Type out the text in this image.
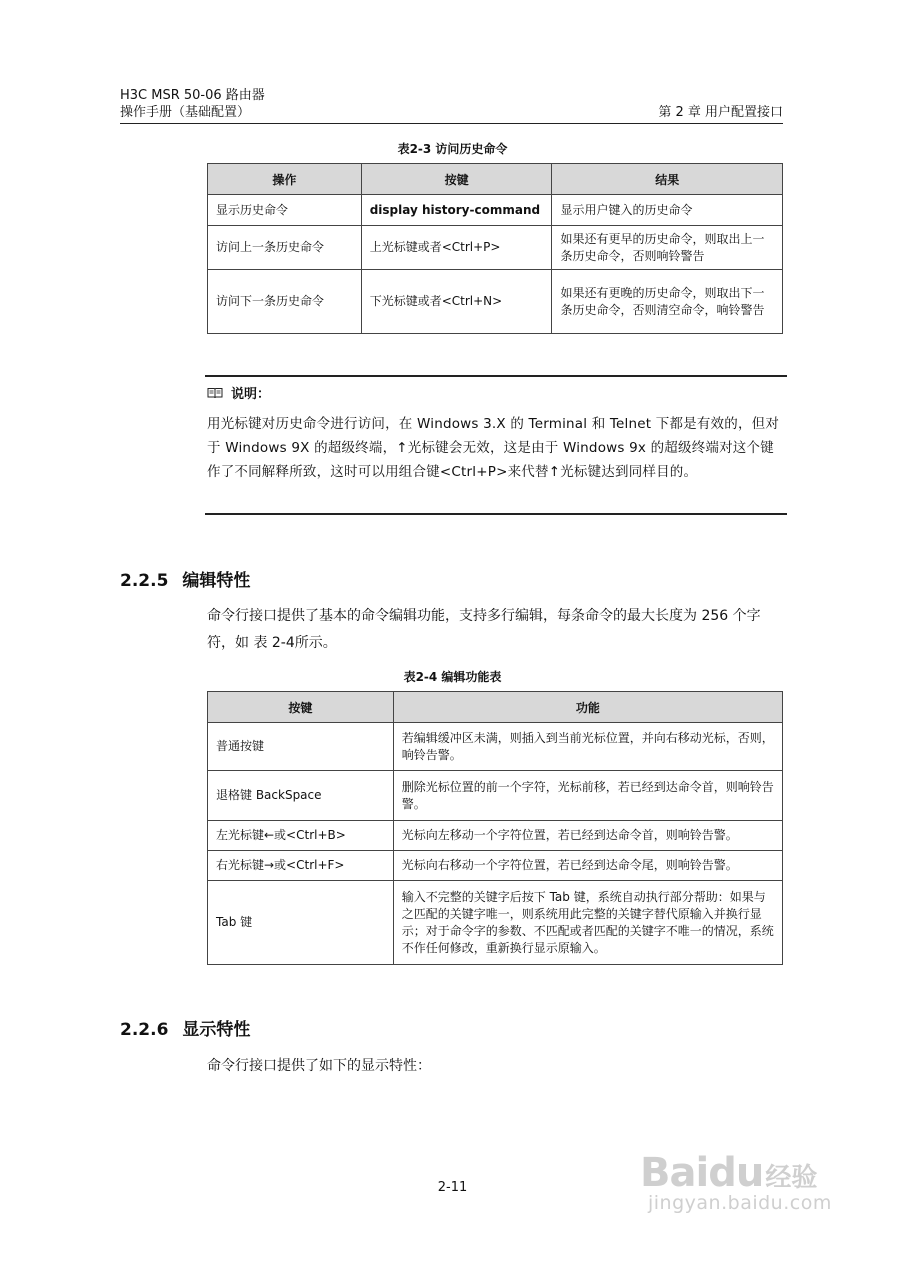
H3C MSR 50-06 路由器
操作手册（基础配置）	第 2 章 用户配置接口
表2-3 访问历史命令
操作	按键	结果
显示历史命令	display history-command	显示用户键入的历史命令
访问上一条历史命令	上光标键或者<Ctrl+P>	如果还有更早的历史命令，则取出上一条历史命令，否则响铃警告
访问下一条历史命令	下光标键或者<Ctrl+N>	如果还有更晚的历史命令，则取出下一条历史命令，否则清空命令，响铃警告
说明：
用光标键对历史命令进行访问，在 Windows 3.X 的 Terminal 和 Telnet 下都是有效的，但对于 Windows 9X 的超级终端，↑光标键会无效，这是由于 Windows 9x 的超级终端对这个键作了不同解释所致，这时可以用组合键<Ctrl+P>来代替↑光标键达到同样目的。
2.2.5 编辑特性
命令行接口提供了基本的命令编辑功能，支持多行编辑，每条命令的最大长度为 256 个字符，如 表 2-4所示。
表2-4 编辑功能表
按键	功能
普通按键	若编辑缓冲区未满，则插入到当前光标位置，并向右移动光标，否则，响铃告警。
退格键 BackSpace	删除光标位置的前一个字符，光标前移，若已经到达命令首，则响铃告警。
左光标键←或<Ctrl+B>	光标向左移动一个字符位置，若已经到达命令首，则响铃告警。
右光标键→或<Ctrl+F>	光标向右移动一个字符位置，若已经到达命令尾，则响铃告警。
Tab 键	输入不完整的关键字后按下 Tab 键，系统自动执行部分帮助：如果与之匹配的关键字唯一，则系统用此完整的关键字替代原输入并换行显示；对于命令字的参数、不匹配或者匹配的关键字不唯一的情况，系统不作任何修改，重新换行显示原输入。
2.2.6 显示特性
命令行接口提供了如下的显示特性：
2-11	Baidu经验
jingyan.baidu.com
